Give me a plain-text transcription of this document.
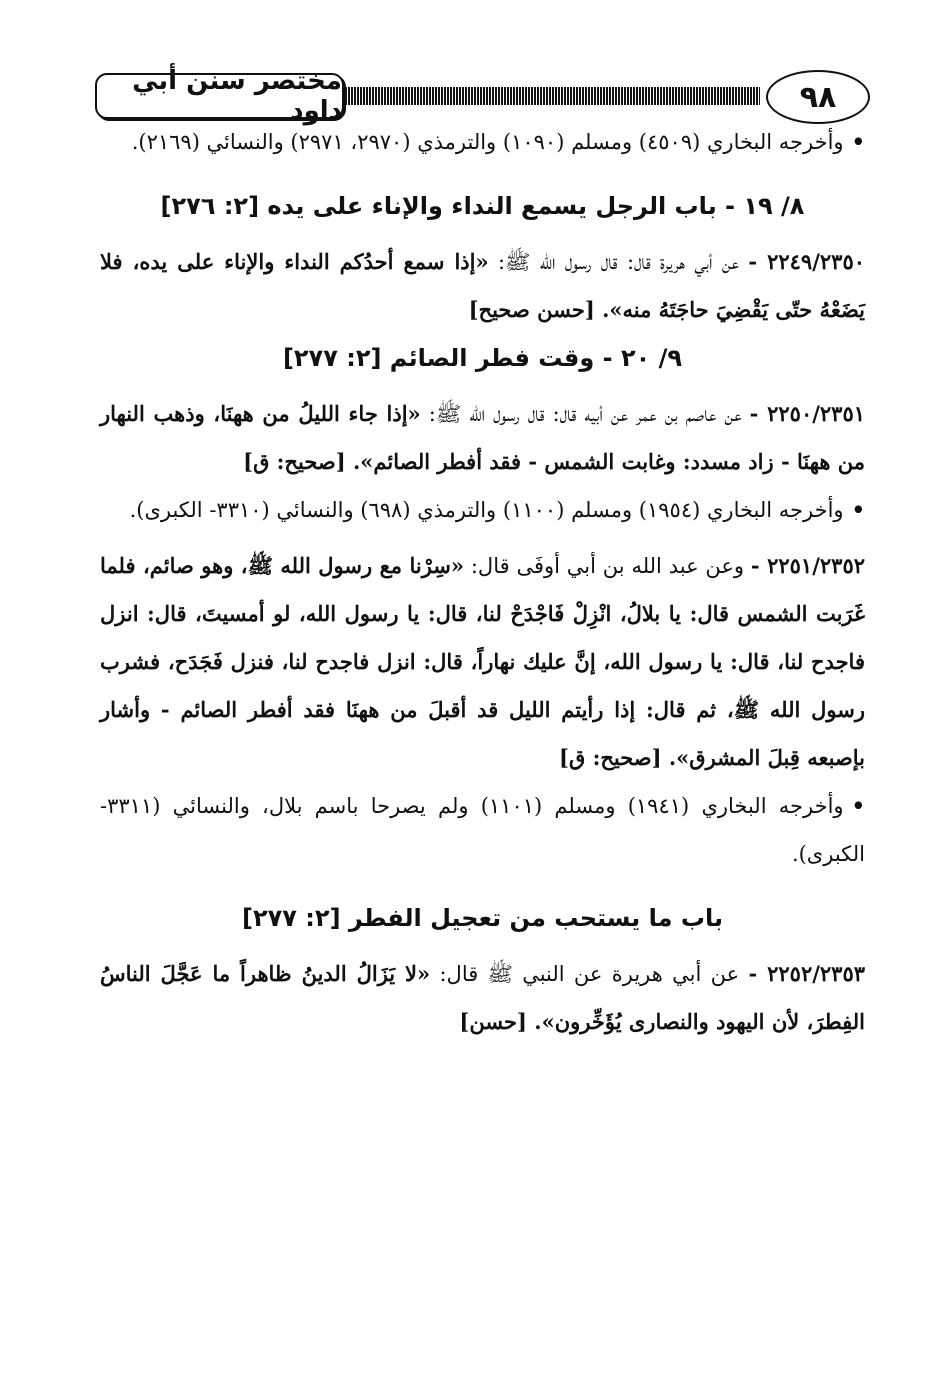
مختصر سنن أبي داود	٩٨

•وأخرجه البخاري (٤٥٠٩) ومسلم (١٠٩٠) والترمذي (٢٩٧٠، ٢٩٧١) والنسائي (٢١٦٩).

٨/ ١٩ - باب الرجل يسمع النداء والإناء على يده [٢: ٢٧٦]

٢٢٤٩/٢٣٥٠ - عن أبي هريرة قال: قال رسول الله ﷺ: «إذا سمع أحدُكم النداء والإناء على يده، فلا يَضَعْهُ حتّى يَقْضِيَ حاجَتَهُ منه». [حسن صحيح]

٩/ ٢٠ - وقت فطر الصائم [٢: ٢٧٧]

٢٢٥٠/٢٣٥١ - عن عاصم بن عمر عن أبيه قال: قال رسول الله ﷺ: «إذا جاء الليلُ من ههنَا، وذهب النهار من ههنَا - زاد مسدد: وغابت الشمس - فقد أفطر الصائم». [صحيح: ق]

•وأخرجه البخاري (١٩٥٤) ومسلم (١١٠٠) والترمذي (٦٩٨) والنسائي (٣٣١٠- الكبرى).

٢٢٥١/٢٣٥٢ - وعن عبد الله بن أبي أوفَى قال: «سِرْنا مع رسول الله ﷺ، وهو صائم، فلما غَرَبت الشمس قال: يا بلالُ، انْزِلْ فَاجْدَحْ لنا، قال: يا رسول الله، لو أمسيتَ، قال: انزل فاجدح لنا، قال: يا رسول الله، إنَّ عليك نهاراً، قال: انزل فاجدح لنا، فنزل فَجَدَح، فشرب رسول الله ﷺ، ثم قال: إذا رأيتم الليل قد أقبلَ من ههنَا فقد أفطر الصائم - وأشار بإصبعه قِبلَ المشرق». [صحيح: ق]

•وأخرجه البخاري (١٩٤١) ومسلم (١١٠١) ولم يصرحا باسم بلال، والنسائي (٣٣١١- الكبرى).

باب ما يستحب من تعجيل الفطر [٢: ٢٧٧]

٢٢٥٢/٢٣٥٣ - عن أبي هريرة عن النبي ﷺ قال: «لا يَزَالُ الدينُ ظاهراً ما عَجَّلَ الناسُ الفِطرَ، لأن اليهود والنصارى يُؤَخِّرون». [حسن]
